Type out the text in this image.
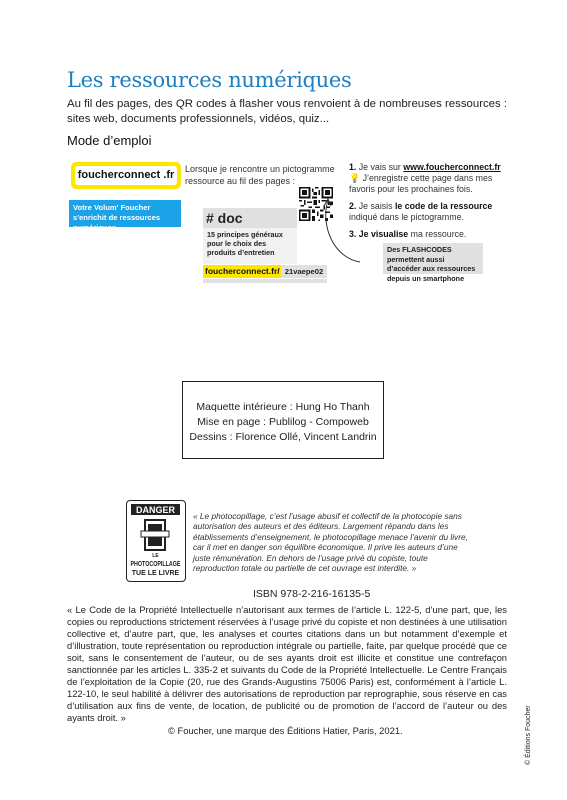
Les ressources numériques
Au fil des pages, des QR codes à flasher vous renvoient à de nombreuses ressources : sites web, documents professionnels, vidéos, quiz...
Mode d’emploi
foucherconnect .fr
Votre Volum' Foucher s'enrichit de ressources numériques
Lorsque je rencontre un pictogramme ressource au fil des pages :
# doc
15 principes généraux pour le choix des produits d’entretien
foucherconnect.fr/ 21vaepe02
1. Je vais sur www.foucherconnect.fr
💡 J’enregistre cette page dans mes favoris pour les prochaines fois.
2. Je saisis le code de la ressource indiqué dans le pictogramme.
3. Je visualise ma ressource.
Des FLASHCODES permettent aussi d’accéder aux ressources depuis un smartphone
Maquette intérieure : Hung Ho Thanh
Mise en page : Publilog - Compoweb
Dessins : Florence Ollé, Vincent Landrin
DANGER
LE
PHOTOCOPILLAGE
TUE LE LIVRE
« Le photocopillage, c’est l’usage abusif et collectif de la photocopie sans autorisation des auteurs et des éditeurs. Largement répandu dans les établissements d’enseignement, le photocopillage menace l’avenir du livre, car il met en danger son équilibre économique. Il prive les auteurs d’une juste rémunération. En dehors de l’usage privé du copiste, toute reproduction totale ou partielle de cet ouvrage est interdite. »
ISBN 978-2-216-16135-5
« Le Code de la Propriété Intellectuelle n’autorisant aux termes de l’article L. 122-5, d’une part, que, les copies ou reproductions strictement réservées à l’usage privé du copiste et non destinées à une utilisation collective et, d’autre part, que, les analyses et courtes citations dans un but notamment d’exemple et d’illustration, toute représentation ou reproduction intégrale ou partielle, faite, par quelque procédé que ce soit, sans le consentement de l’auteur, ou de ses ayants droit est illicite et constitue une contrefaçon sanctionnée par les articles L. 335-2 et suivants du Code de la Propriété Intellectuelle. Le Centre Français de l’exploitation de la Copie (20, rue des Grands-Augustins 75006 Paris) est, conformément à l’article L. 122-10, le seul habilité à délivrer des autorisations de reproduction par reprographie, sous réserve en cas d’utilisation aux fins de vente, de location, de publicité ou de promotion de l’accord de l’auteur ou des ayants droit. »
© Foucher, une marque des Éditions Hatier, Paris, 2021.	© Éditions Foucher
